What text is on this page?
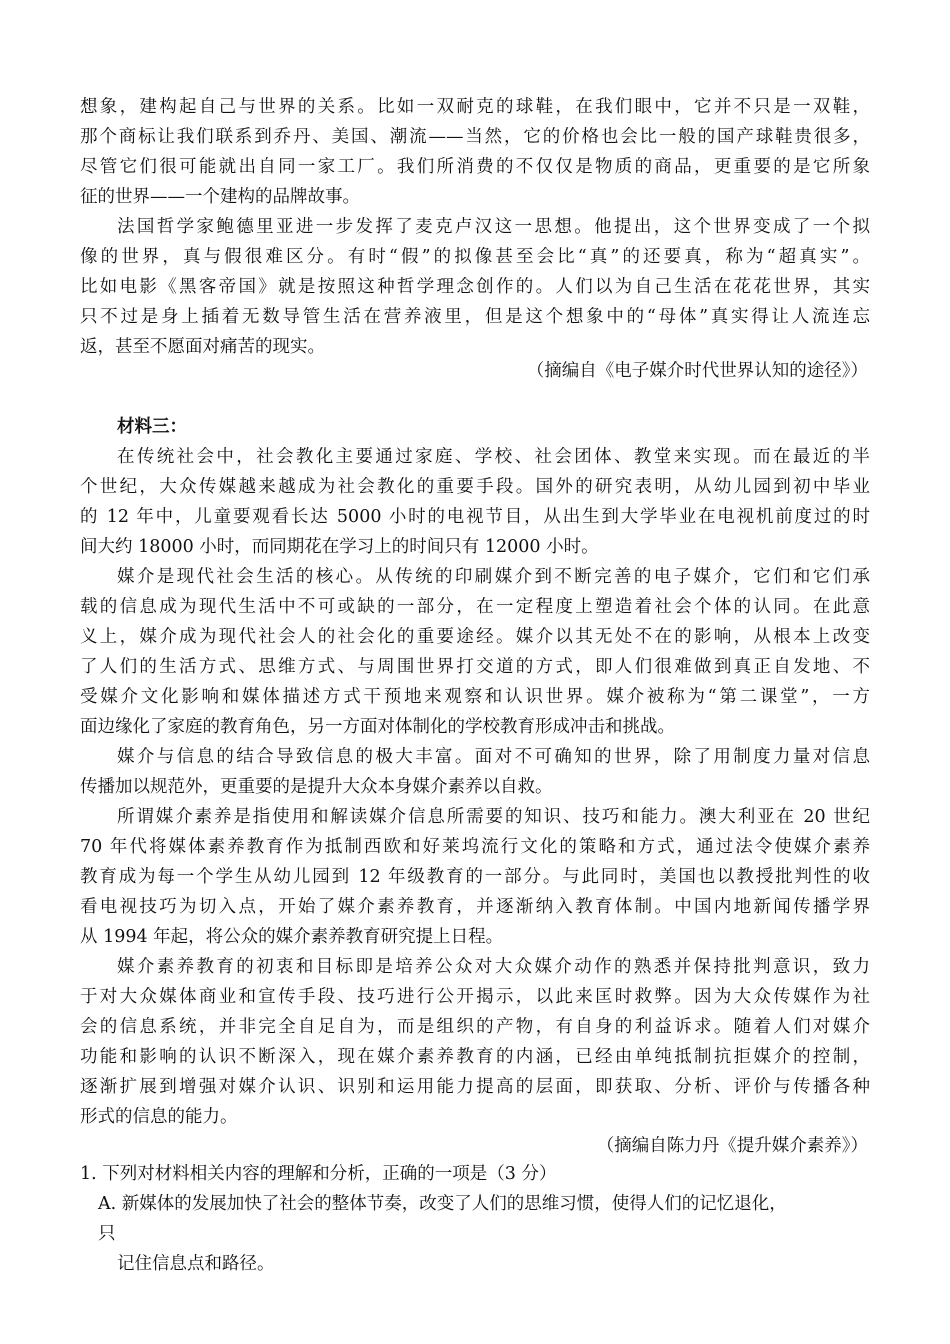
想象，建构起自己与世界的关系。比如一双耐克的球鞋，在我们眼中，它并不只是一双鞋，
那个商标让我们联系到乔丹、美国、潮流——当然，它的价格也会比一般的国产球鞋贵很多，
尽管它们很可能就出自同一家工厂。我们所消费的不仅仅是物质的商品，更重要的是它所象
征的世界——一个建构的品牌故事。
法国哲学家鲍德里亚进一步发挥了麦克卢汉这一思想。他提出，这个世界变成了一个拟
像的世界，真与假很难区分。有时“假”的拟像甚至会比“真”的还要真，称为“超真实”。
比如电影《黑客帝国》就是按照这种哲学理念创作的。人们以为自己生活在花花世界，其实
只不过是身上插着无数导管生活在营养液里，但是这个想象中的“母体”真实得让人流连忘
返，甚至不愿面对痛苦的现实。
（摘编自《电子媒介时代世界认知的途径》）
材料三：
在传统社会中，社会教化主要通过家庭、学校、社会团体、教堂来实现。而在最近的半
个世纪，大众传媒越来越成为社会教化的重要手段。国外的研究表明，从幼儿园到初中毕业
的 12 年中，儿童要观看长达 5000 小时的电视节目，从出生到大学毕业在电视机前度过的时
间大约 18000 小时，而同期花在学习上的时间只有 12000 小时。
媒介是现代社会生活的核心。从传统的印刷媒介到不断完善的电子媒介，它们和它们承
载的信息成为现代生活中不可或缺的一部分，在一定程度上塑造着社会个体的认同。在此意
义上，媒介成为现代社会人的社会化的重要途经。媒介以其无处不在的影响，从根本上改变
了人们的生活方式、思维方式、与周围世界打交道的方式，即人们很难做到真正自发地、不
受媒介文化影响和媒体描述方式干预地来观察和认识世界。媒介被称为“第二课堂”，一方
面边缘化了家庭的教育角色，另一方面对体制化的学校教育形成冲击和挑战。
媒介与信息的结合导致信息的极大丰富。面对不可确知的世界，除了用制度力量对信息
传播加以规范外，更重要的是提升大众本身媒介素养以自救。
所谓媒介素养是指使用和解读媒介信息所需要的知识、技巧和能力。澳大利亚在 20 世纪
70 年代将媒体素养教育作为抵制西欧和好莱坞流行文化的策略和方式，通过法令使媒介素养
教育成为每一个学生从幼儿园到 12 年级教育的一部分。与此同时，美国也以教授批判性的收
看电视技巧为切入点，开始了媒介素养教育，并逐渐纳入教育体制。中国内地新闻传播学界
从 1994 年起，将公众的媒介素养教育研究提上日程。
媒介素养教育的初衷和目标即是培养公众对大众媒介动作的熟悉并保持批判意识，致力
于对大众媒体商业和宣传手段、技巧进行公开揭示，以此来匡时救弊。因为大众传媒作为社
会的信息系统，并非完全自足自为，而是组织的产物，有自身的利益诉求。随着人们对媒介
功能和影响的认识不断深入，现在媒介素养教育的内涵，已经由单纯抵制抗拒媒介的控制，
逐渐扩展到增强对媒介认识、识别和运用能力提高的层面，即获取、分析、评价与传播各种
形式的信息的能力。
（摘编自陈力丹《提升媒介素养》）
1. 下列对材料相关内容的理解和分析，正确的一项是（3 分）
A. 新媒体的发展加快了社会的整体节奏，改变了人们的思维习惯，使得人们的记忆退化，
只
记住信息点和路径。
